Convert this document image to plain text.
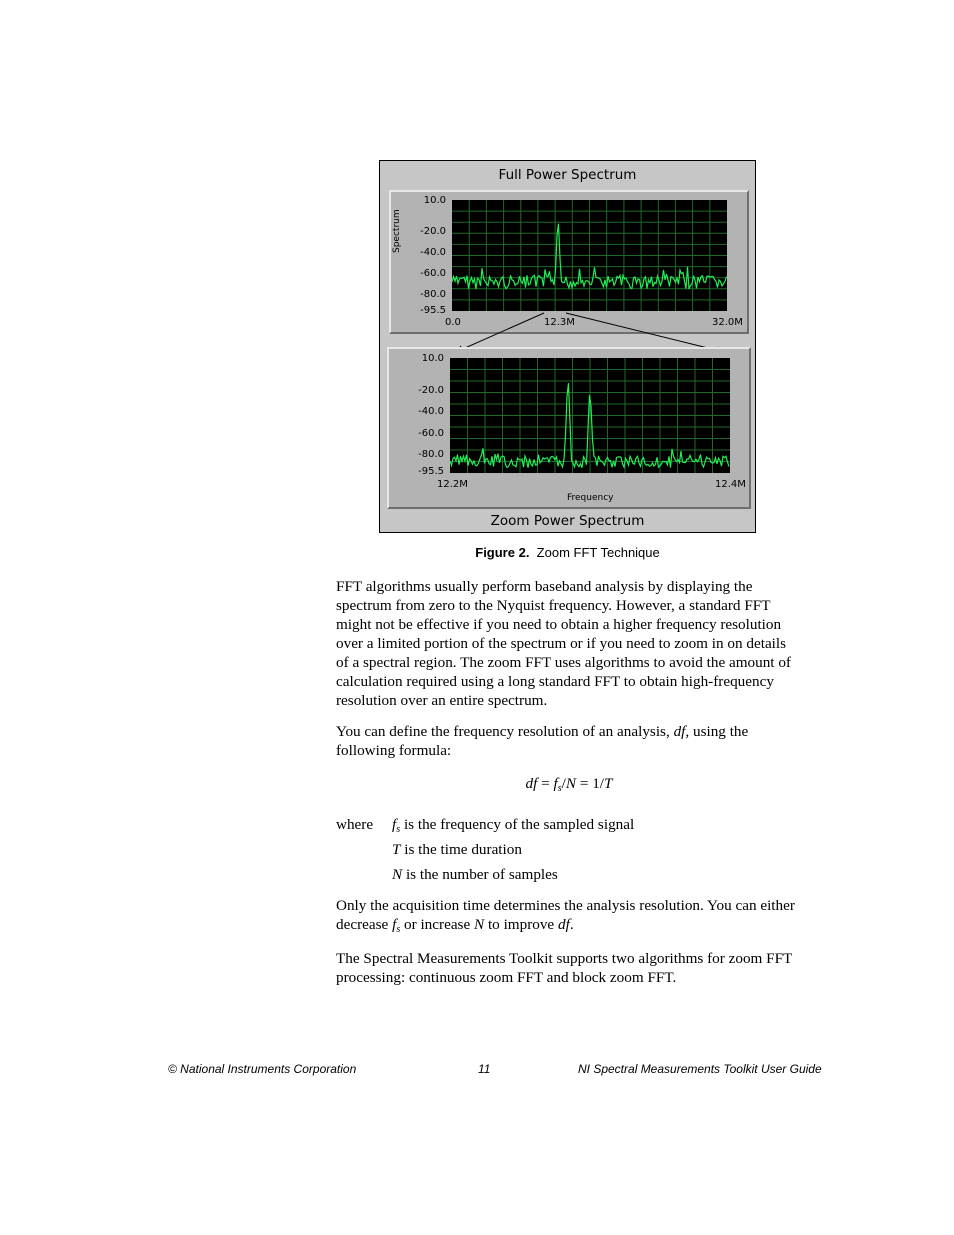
Full Power Spectrum
Spectrum
10.0
-20.0
-40.0
-60.0
-80.0
-95.5
0.0	12.3M	32.0M
10.0
-20.0
-40.0
-60.0
-80.0
-95.5
12.2M	12.4M
Frequency
Zoom Power Spectrum
Figure 2. Zoom FFT Technique

FFT algorithms usually perform baseband analysis by displaying the spectrum from zero to the Nyquist frequency. However, a standard FFT might not be effective if you need to obtain a higher frequency resolution over a limited portion of the spectrum or if you need to zoom in on details of a spectral region. The zoom FFT uses algorithms to avoid the amount of calculation required using a long standard FFT to obtain high-frequency resolution over an entire spectrum.

You can define the frequency resolution of an analysis, df, using the following formula:

df = $f_s/N = 1/T$
where $f_s$ is the frequency of the sampled signal
T is the time duration
N is the number of samples

Only the acquisition time determines the analysis resolution. You can either decrease $f_s$ or increase N to improve df.

The Spectral Measurements Toolkit supports two algorithms for zoom FFT processing: continuous zoom FFT and block zoom FFT.

© National Instruments Corporation	11	NI Spectral Measurements Toolkit User Guide
